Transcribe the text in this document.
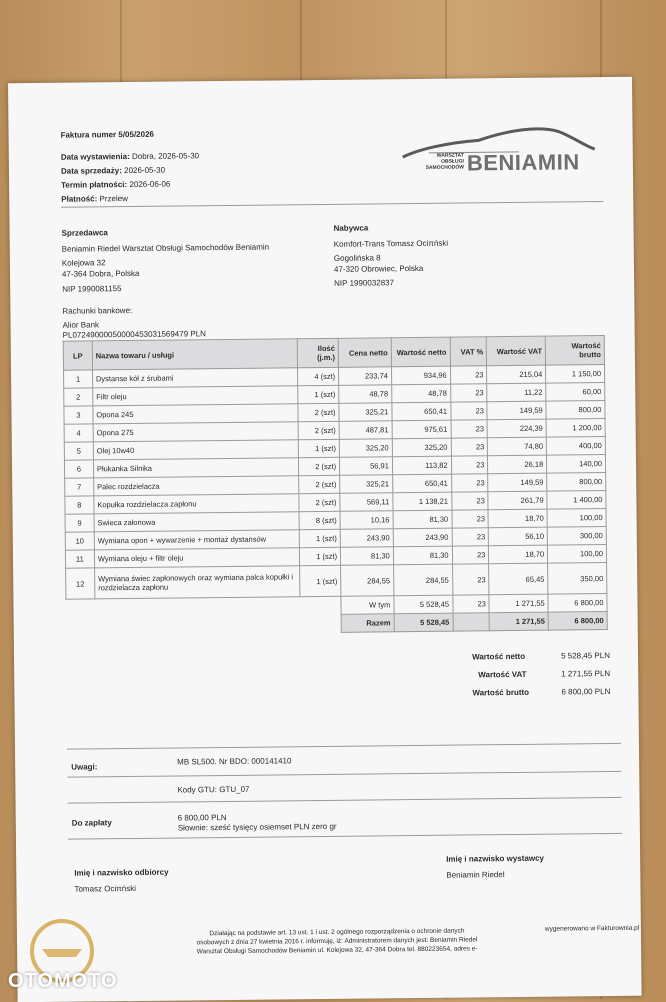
Faktura numer 5/05/2026
Data wystawienia: Dobra, 2026-05-30
Data sprzedaży: 2026-05-30
Termin płatności: 2026-06-06
Płatność: Przelew
WARSZTAT
OBSŁUGI
SAMOCHODÓW BENIAMIN
Sprzedawca
Beniamin Riedel Warsztat Obsługi Samochodów Beniamin
Kolejowa 32
47-364 Dobra, Polska
NIP 1990081155
Rachunki bankowe:
Alior Bank
PL07249000050000453031569479 PLN
Nabywca
Komfort-Trans Tomasz Ociπński
Gogolińska 8
47-320 Obrowiec, Polska
NIP 1990032837
LP	Nazwa towaru / usługi	Ilość (j.m.)	Cena netto	Wartość netto	VAT %	Wartość VAT	Wartość brutto
1	Dystanse kół z śrubami	4 (szt)	233,74	934,96	23	215,04	1 150,00
2	Filtr oleju	1 (szt)	48,78	48,78	23	11,22	60,00
3	Opona 245	2 (szt)	325,21	650,41	23	149,59	800,00
4	Opona 275	2 (szt)	487,81	975,61	23	224,39	1 200,00
5	Olej 10w40	1 (szt)	325,20	325,20	23	74,80	400,00
6	Płukanka Silnika	2 (szt)	56,91	113,82	23	26,18	140,00
7	Palec rozdzielacza	2 (szt)	325,21	650,41	23	149,59	800,00
8	Kopułka rozdzielacza zapłonu	2 (szt)	569,11	1 138,21	23	261,79	1 400,00
9	Swieca załonowa	8 (szt)	10,16	81,30	23	18,70	100,00
10	Wymiana opon + wywarzenie + montaż dystansów	1 (szt)	243,90	243,90	23	56,10	300,00
11	Wymiana oleju + filtr oleju	1 (szt)	81,30	81,30	23	18,70	100,00
12	Wymiana świec zapłonowych oraz wymiana palca kopułki i rozdzielacza zapłonu	1 (szt)	284,55	284,55	23	65,45	350,00
			W tym	5 528,45	23	1 271,55	6 800,00
			Razem	5 528,45		1 271,55	6 800,00
Wartość netto	5 528,45 PLN
Wartość VAT	1 271,55 PLN
Wartość brutto	6 800,00 PLN
Uwagi:
MB SL500. Nr BDO: 000141410
Kody GTU: GTU_07
Do zapłaty
6 800,00 PLN
Słownie: sześć tysięcy osiemset PLN zero gr
Imię i nazwisko odbiorcy
Tomasz Ociπński
Imię i nazwisko wystawcy
Beniamin Riedel
Działając na podstawie art. 13 ust. 1 i ust. 2 ogólnego rozporządzenia o ochronie danych
osobowych z dnia 27 kwietnia 2016 r. informuję, iż: Administratorem danych jest: Beniamin Riedel
Warsztat Obsługi Samochodów Beniamin ul. Kolejowa 32, 47-364 Dobra tel. 880223654, adres e-
wygenerowano w Fakturownia.pl
OTOMOTO
